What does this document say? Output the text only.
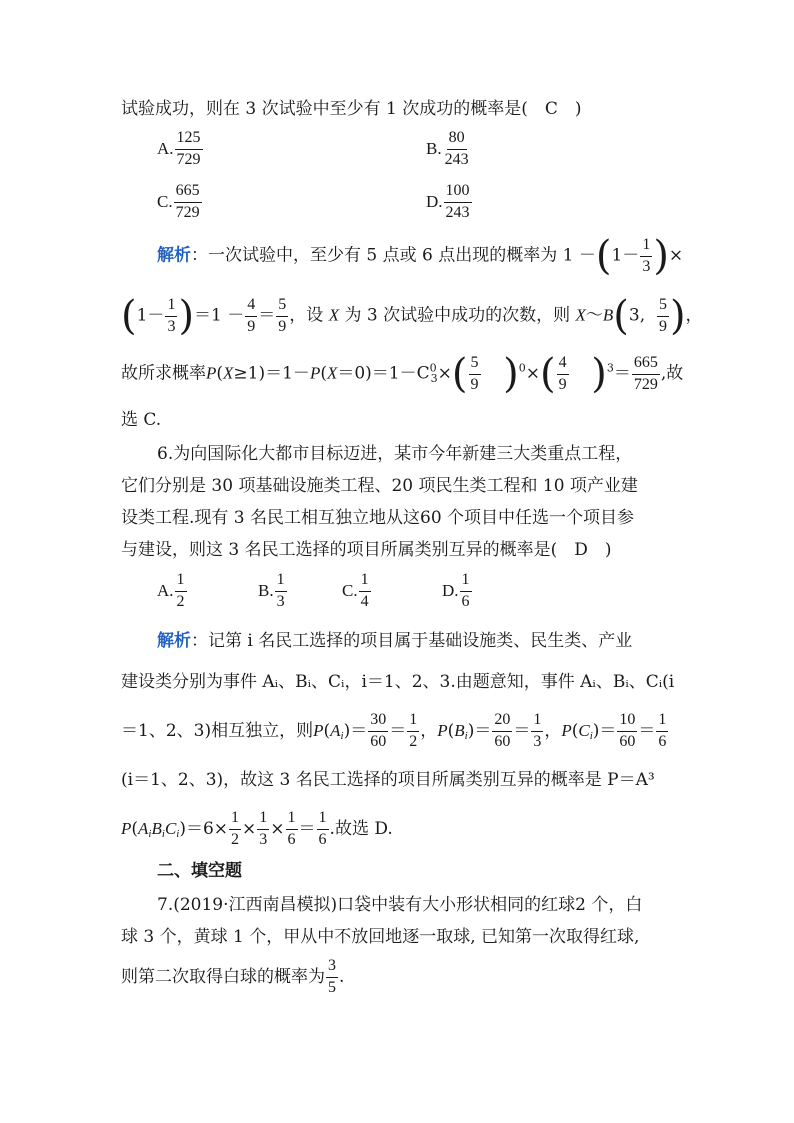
试验成功，则在 3 次试验中至少有 1 次成功的概率是(　C　)
A. $\frac{125}{729}$	B. $\frac{80}{243}$
C. $\frac{665}{729}$	D. $\frac{100}{243}$
解析：一次试验中，至少有 5 点或 6 点出现的概率为 $1 -(1- \frac{1}{3}$ )×
$(1- \frac{1}{3} )=1 - \frac{4}{9} = \frac{5}{9}$ ，设 X 为 3 次试验中成功的次数，则 X～B(3, $\frac{5}{9}$ )，
故所求概率$P(X\ge 1)=1-P(X=0)=1-C^0_3\times( \frac{5}{9} )^0\times( \frac{4}{9} )^3= \frac{665}{729}$ ,故
选 C.
6.为向国际化大都市目标迈进，某市今年新建三大类重点工程，
它们分别是 30 项基础设施类工程、20 项民生类工程和 10 项产业建
设类工程.现有 3 名民工相互独立地从这60 个项目中任选一个项目参
与建设，则这 3 名民工选择的项目所属类别互异的概率是(　D　)
A. $\frac{1}{2}$	B. $\frac{1}{3}$	C. $\frac{1}{4}$	D. $\frac{1}{6}$
解析：记第 i 名民工选择的项目属于基础设施类、民生类、产业
建设类分别为事件 Aᵢ、Bᵢ、Cᵢ，i＝1、2、3.由题意知，事件 Aᵢ、Bᵢ、Cᵢ(i
＝1、2、3)相互独立，则$P(A_i)= \frac{30}{60} = \frac{1}{2}$ ，$P(B_i)= \frac{20}{60} = \frac{1}{3}$ ，$P(C_i)= \frac{10}{60} = \frac{1}{6}$
(i＝1、2、3)，故这 3 名民工选择的项目所属类别互异的概率是 P＝A³
$P(A_iB_iC_i)=6\times \frac{1}{2} \times \frac{1}{3} \times \frac{1}{6} = \frac{1}{6}$ .故选 D.
二、填空题
7.(2019·江西南昌模拟)口袋中装有大小形状相同的红球2 个，白
球 3 个，黄球 1 个，甲从中不放回地逐一取球, 已知第一次取得红球,
则第二次取得白球的概率为 $\frac{3}{5}$ .
